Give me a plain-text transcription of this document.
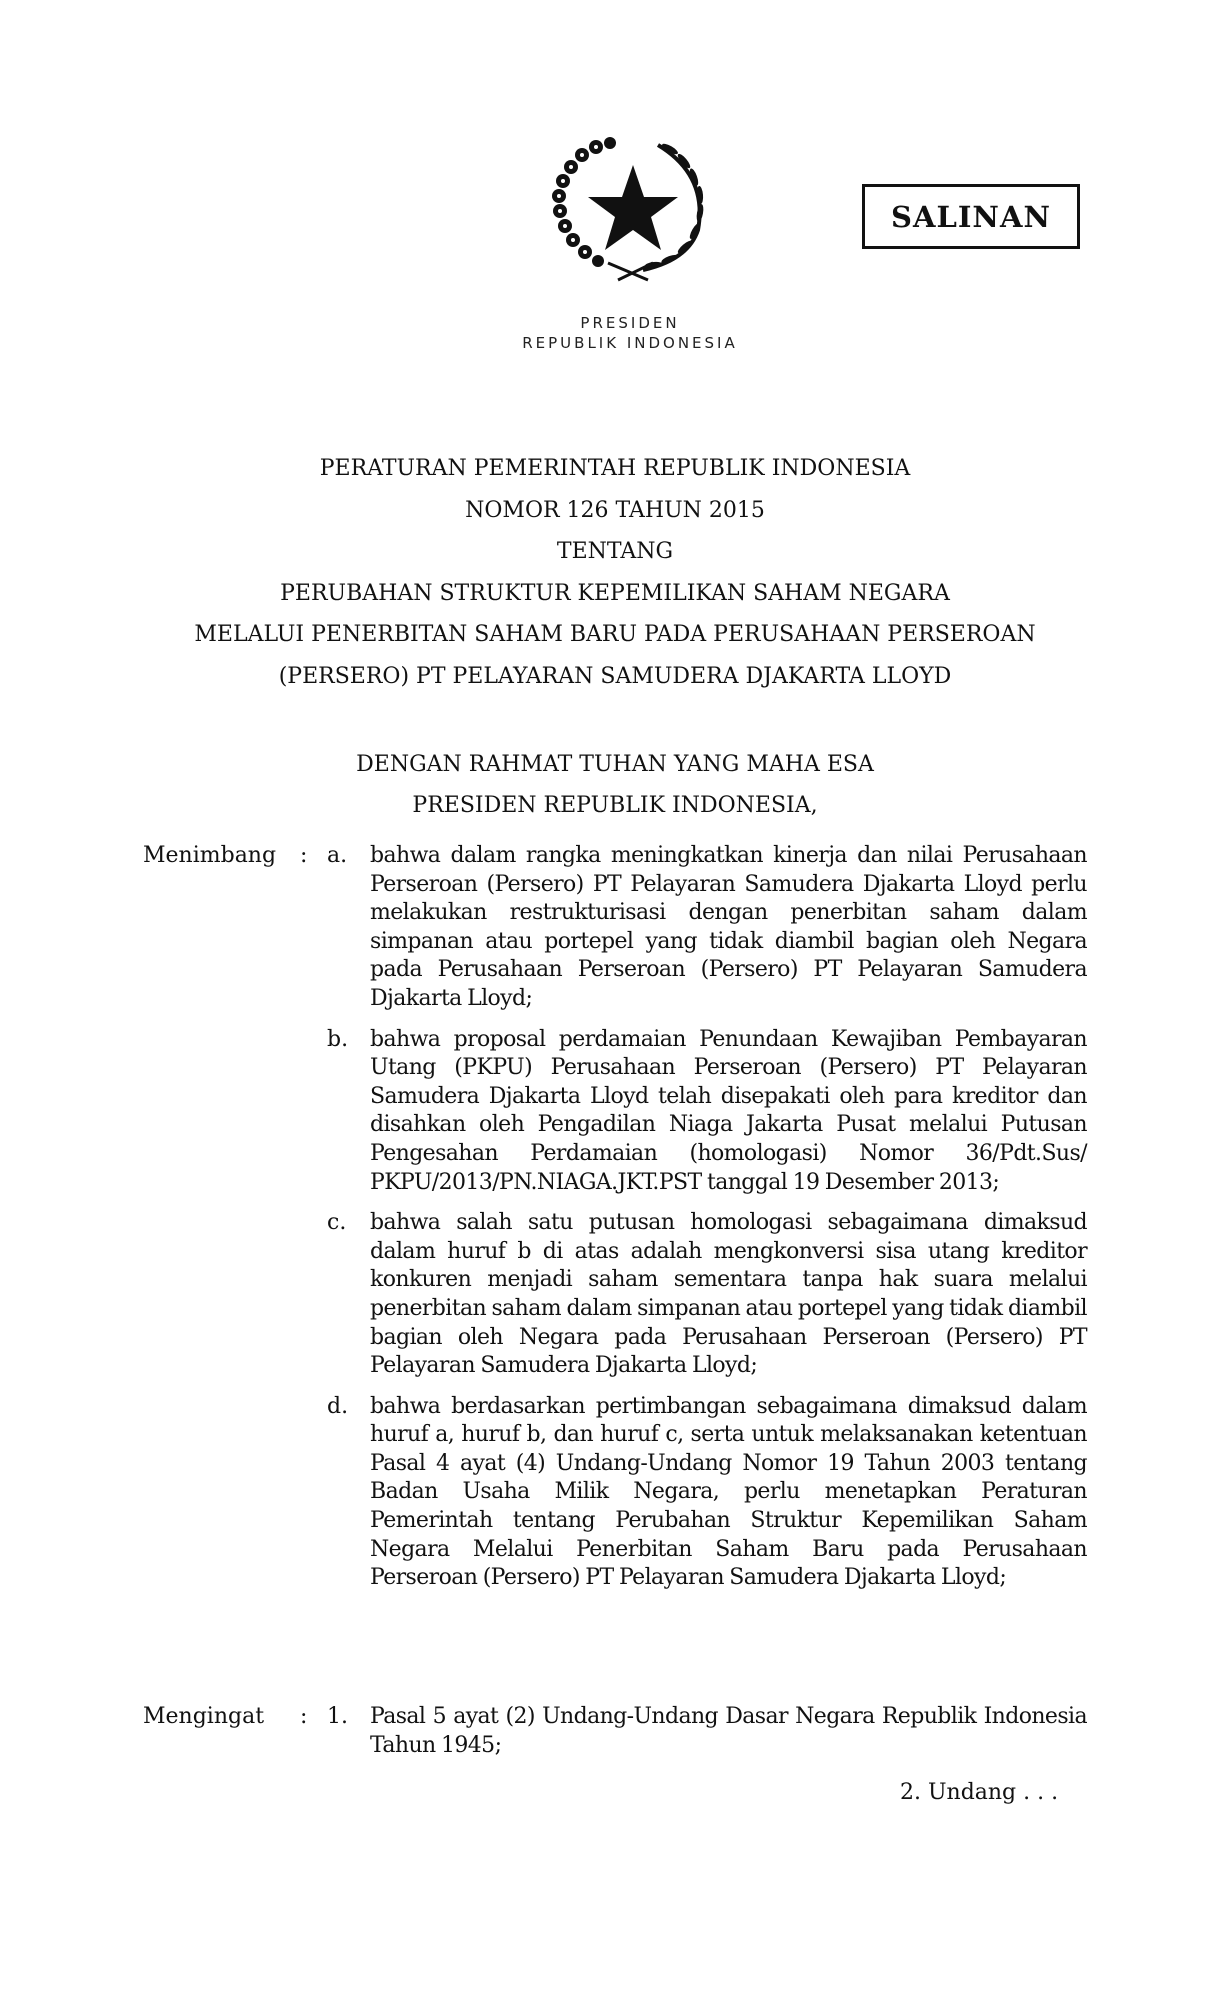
PRESIDEN
REPUBLIK INDONESIA
SALINAN
PERATURAN PEMERINTAH REPUBLIK INDONESIA
NOMOR 126 TAHUN 2015
TENTANG
PERUBAHAN STRUKTUR KEPEMILIKAN SAHAM NEGARA
MELALUI PENERBITAN SAHAM BARU PADA PERUSAHAAN PERSEROAN
(PERSERO) PT PELAYARAN SAMUDERA DJAKARTA LLOYD
DENGAN RAHMAT TUHAN YANG MAHA ESA
PRESIDEN REPUBLIK INDONESIA,
Menimbang	: a.	bahwa dalam rangka meningkatkan kinerja dan nilai Perusahaan Perseroan (Persero) PT Pelayaran Samudera Djakarta Lloyd perlu melakukan restrukturisasi dengan penerbitan saham dalam simpanan atau portepel yang tidak diambil bagian oleh Negara pada Perusahaan Perseroan (Persero) PT Pelayaran Samudera Djakarta Lloyd;
b. bahwa proposal perdamaian Penundaan Kewajiban Pembayaran Utang (PKPU) Perusahaan Perseroan (Persero) PT Pelayaran Samudera Djakarta Lloyd telah disepakati oleh para kreditor dan disahkan oleh Pengadilan Niaga Jakarta Pusat melalui Putusan Pengesahan Perdamaian (homologasi) Nomor 36/Pdt.Sus/ PKPU/2013/PN.NIAGA.JKT.PST tanggal 19 Desember 2013;
c.	bahwa salah satu putusan homologasi sebagaimana dimaksud dalam huruf b di atas adalah mengkonversi sisa utang kreditor konkuren menjadi saham sementara tanpa hak suara melalui penerbitan saham dalam simpanan atau portepel yang tidak diambil bagian oleh Negara pada Perusahaan Perseroan (Persero) PT Pelayaran Samudera Djakarta Lloyd;
d. bahwa berdasarkan pertimbangan sebagaimana dimaksud dalam huruf a, huruf b, dan huruf c, serta untuk melaksanakan ketentuan Pasal 4 ayat (4) Undang-Undang Nomor 19 Tahun 2003 tentang Badan Usaha Milik Negara, perlu menetapkan Peraturan Pemerintah tentang Perubahan Struktur Kepemilikan Saham Negara Melalui Penerbitan Saham Baru pada Perusahaan Perseroan (Persero) PT Pelayaran Samudera Djakarta Lloyd;
Mengingat	: 1.	Pasal 5 ayat (2) Undang-Undang Dasar Negara Republik Indonesia Tahun 1945;
2. Undang . . .
